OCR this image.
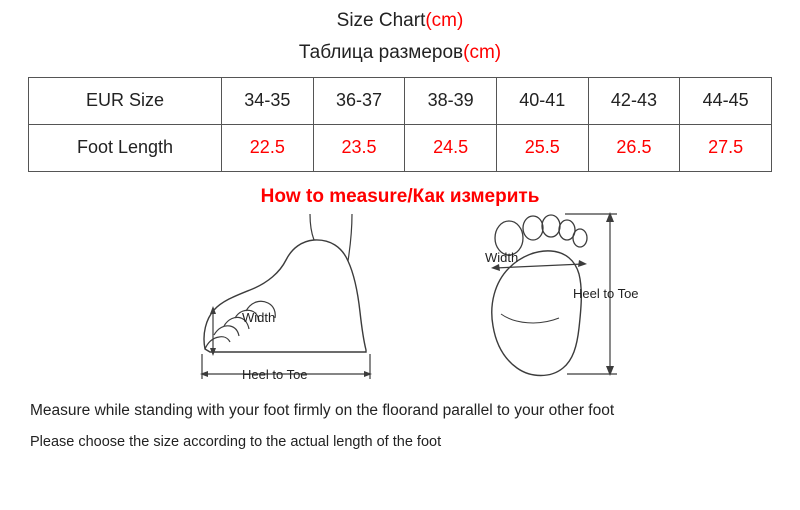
Size Chart(cm)
Таблица размеров(cm)
EUR Size	34-35	36-37	38-39	40-41	42-43	44-45
Foot Length	22.5	23.5	24.5	25.5	26.5	27.5
How to measure/Как измерить
Width
Heel to Toe
Width
Heel to Toe
Measure while standing with your foot firmly on the floorand parallel to your other foot
Please choose the size according to the actual length of the foot
